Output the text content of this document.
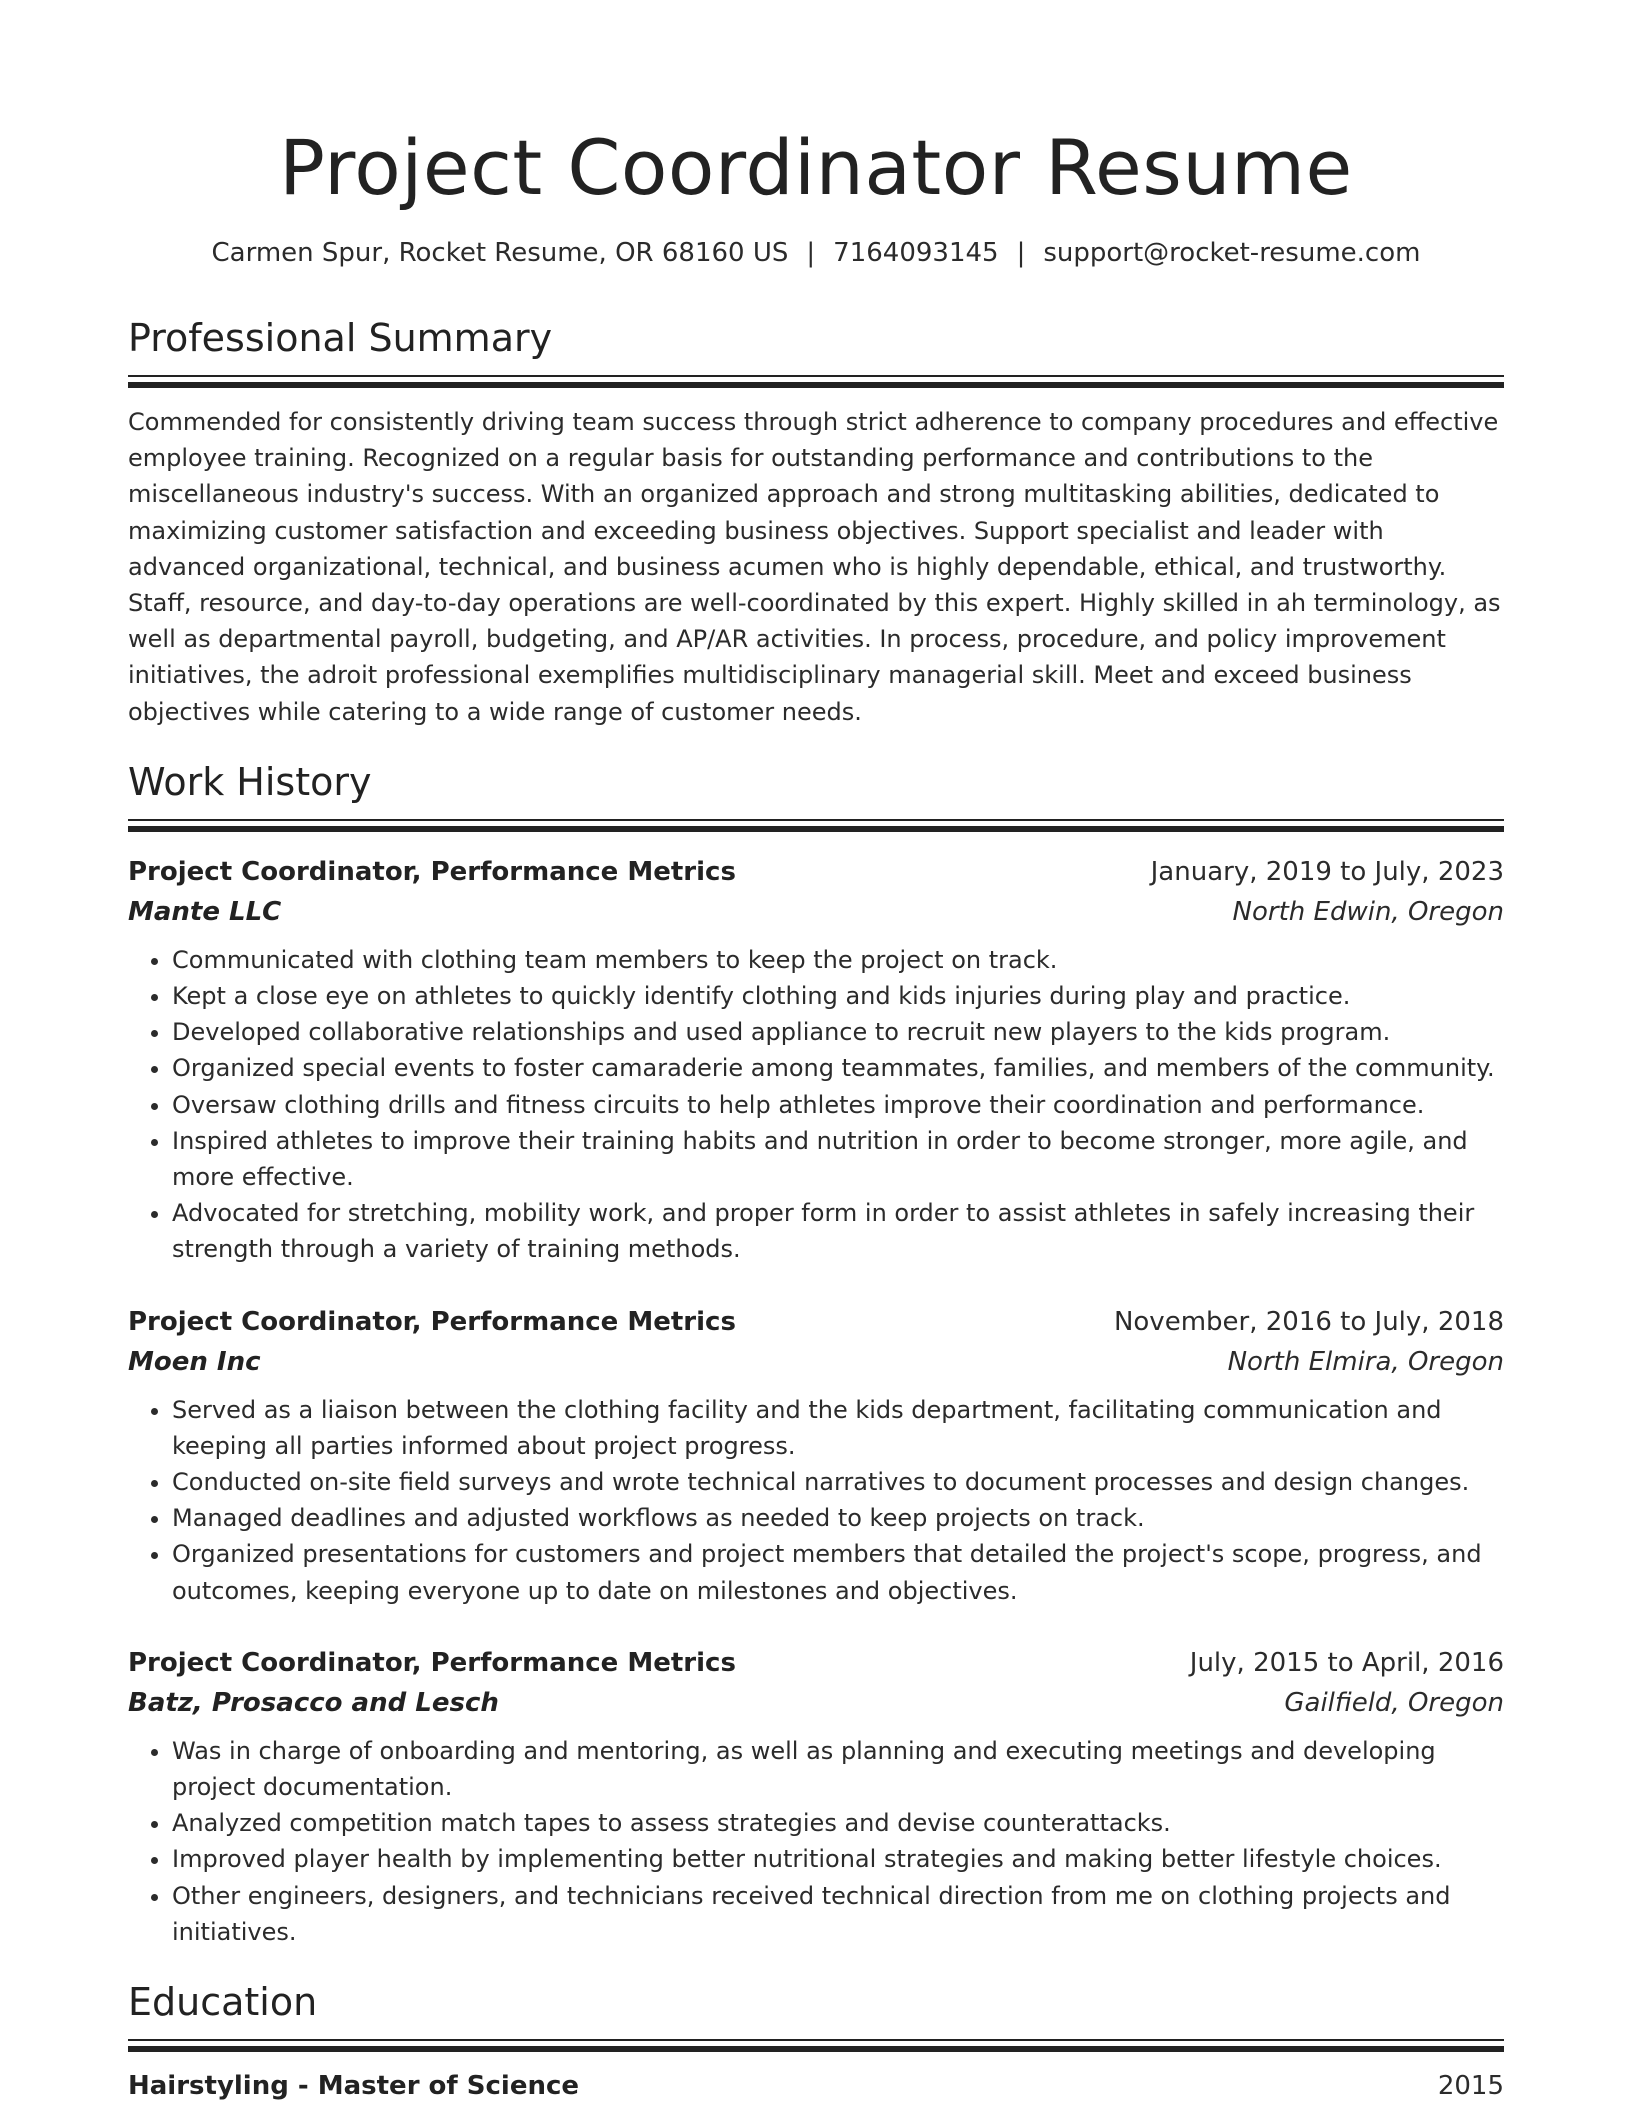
Project Coordinator Resume
Carmen Spur, Rocket Resume, OR 68160 US | 7164093145 | support@rocket-resume.com
Professional Summary

Commended for consistently driving team success through strict adherence to company procedures and effective employee training. Recognized on a regular basis for outstanding performance and contributions to the miscellaneous industry's success. With an organized approach and strong multitasking abilities, dedicated to maximizing customer satisfaction and exceeding business objectives. Support specialist and leader with advanced organizational, technical, and business acumen who is highly dependable, ethical, and trustworthy. Staff, resource, and day-to-day operations are well-coordinated by this expert. Highly skilled in ah terminology, as well as departmental payroll, budgeting, and AP/AR activities. In process, procedure, and policy improvement initiatives, the adroit professional exemplifies multidisciplinary managerial skill. Meet and exceed business objectives while catering to a wide range of customer needs.

Work History
Project Coordinator, Performance Metrics	January, 2019 to July, 2023
Mante LLC	North Edwin, Oregon
• Communicated with clothing team members to keep the project on track.
• Kept a close eye on athletes to quickly identify clothing and kids injuries during play and practice.
• Developed collaborative relationships and used appliance to recruit new players to the kids program.
• Organized special events to foster camaraderie among teammates, families, and members of the community.
• Oversaw clothing drills and fitness circuits to help athletes improve their coordination and performance.
• Inspired athletes to improve their training habits and nutrition in order to become stronger, more agile, and more effective.
• Advocated for stretching, mobility work, and proper form in order to assist athletes in safely increasing their strength through a variety of training methods.
Project Coordinator, Performance Metrics	November, 2016 to July, 2018
Moen Inc	North Elmira, Oregon
• Served as a liaison between the clothing facility and the kids department, facilitating communication and keeping all parties informed about project progress.
• Conducted on-site field surveys and wrote technical narratives to document processes and design changes.
• Managed deadlines and adjusted workflows as needed to keep projects on track.
• Organized presentations for customers and project members that detailed the project's scope, progress, and outcomes, keeping everyone up to date on milestones and objectives.
Project Coordinator, Performance Metrics	July, 2015 to April, 2016
Batz, Prosacco and Lesch	Gailfield, Oregon
• Was in charge of onboarding and mentoring, as well as planning and executing meetings and developing project documentation.
• Analyzed competition match tapes to assess strategies and devise counterattacks.
• Improved player health by implementing better nutritional strategies and making better lifestyle choices.
• Other engineers, designers, and technicians received technical direction from me on clothing projects and initiatives.
Education
Hairstyling - Master of Science	2015
